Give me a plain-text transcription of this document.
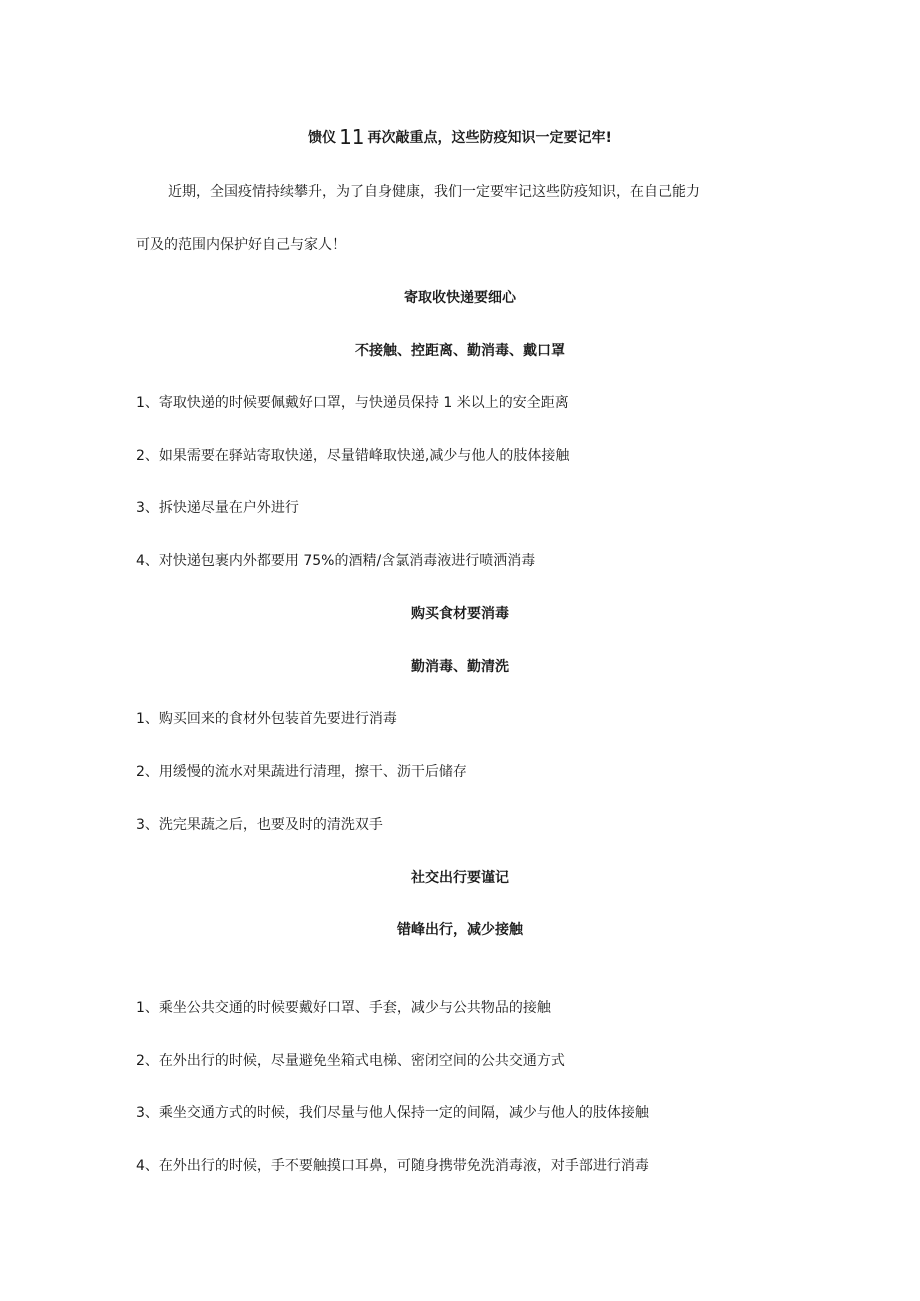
馈仪 11 再次敲重点，这些防疫知识一定要记牢!
近期，全国疫情持续攀升，为了自身健康，我们一定要牢记这些防疫知识，在自己能力
可及的范围内保护好自己与家人！
寄取收快递要细心
不接触、控距离、勤消毒、戴口罩
1、寄取快递的时候要佩戴好口罩，与快递员保持 1 米以上的安全距离
2、如果需要在驿站寄取快递，尽量错峰取快递,减少与他人的肢体接触
3、拆快递尽量在户外进行
4、对快递包裹内外都要用 75%的酒精/含氯消毒液进行喷洒消毒
购买食材要消毒
勤消毒、勤清洗
1、购买回来的食材外包装首先要进行消毒
2、用缓慢的流水对果蔬进行清理，擦干、沥干后储存
3、洗完果蔬之后，也要及时的清洗双手
社交出行要谨记
错峰出行，减少接触
1、乘坐公共交通的时候要戴好口罩、手套，减少与公共物品的接触
2、在外出行的时候，尽量避免坐箱式电梯、密闭空间的公共交通方式
3、乘坐交通方式的时候，我们尽量与他人保持一定的间隔，减少与他人的肢体接触
4、在外出行的时候，手不要触摸口耳鼻，可随身携带免洗消毒液，对手部进行消毒
